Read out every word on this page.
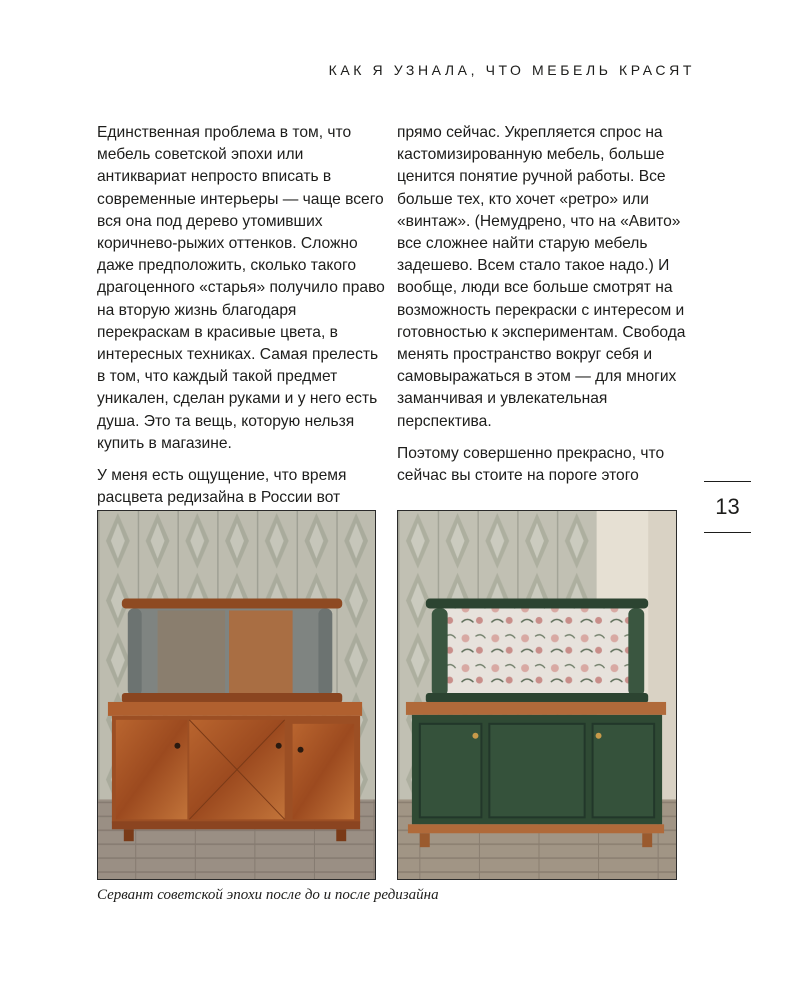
КАК Я УЗНАЛА, ЧТО МЕБЕЛЬ КРАСЯТ

Единственная проблема в том, что мебель советской эпохи или антиквариат непросто вписать в современные интерьеры — чаще всего вся она под дерево утомивших коричнево-рыжих оттенков. Сложно даже предположить, сколько такого драгоценного «старья» получило право на вторую жизнь благодаря перекраскам в красивые цвета, в интересных техниках. Самая прелесть в том, что каждый такой предмет уникален, сделан руками и у него есть душа. Это та вещь, которую нельзя купить в магазине.

У меня есть ощущение, что время расцвета редизайна в России вот

прямо сейчас. Укрепляется спрос на кастомизированную мебель, больше ценится понятие ручной работы. Все больше тех, кто хочет «ретро» или «винтаж». (Немудрено, что на «Авито» все сложнее найти старую мебель задешево. Всем стало такое надо.) И вообще, люди все больше смотрят на возможность перекраски с интересом и готовностью к экспериментам. Свобода менять пространство вокруг себя и самовыражаться в этом — для многих заманчивая и увлекательная перспектива.

Поэтому совершенно прекрасно, что сейчас вы стоите на пороге этого

13
Сервант советской эпохи после до и после редизайна
